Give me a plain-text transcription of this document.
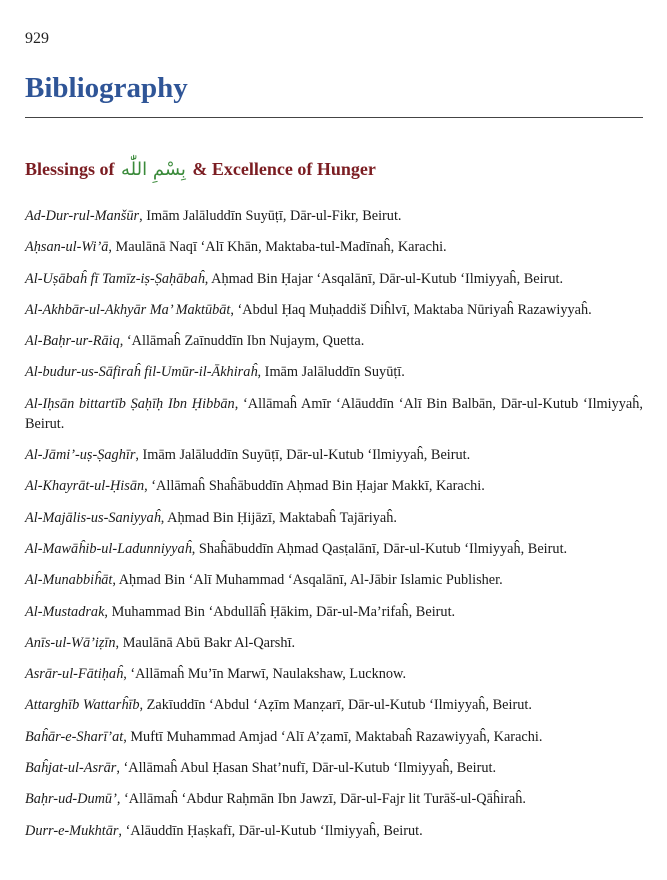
929
Bibliography
Blessings of بِسْمِ اللّٰه & Excellence of Hunger
Ad-Dur-rul-Manšūr, Imām Jalāluddīn Suyūṭī, Dār-ul-Fikr, Beirut.
Aḥsan-ul-Wi’ā, Maulānā Naqī ‘Alī Khān, Maktaba-tul-Madīnaĥ, Karachi.
Al-Uṣābaĥ fī Tamīz-iṣ-Ṣaḥābaĥ, Aḥmad Bin Ḥajar ‘Asqalānī, Dār-ul-Kutub ‘Ilmiyyaĥ, Beirut.
Al-Akhbār-ul-Akhyār Ma’ Maktūbāt, ‘Abdul Ḥaq Muḥaddiš Diĥlvī, Maktaba Nūriyaĥ Razawiyyaĥ.
Al-Baḥr-ur-Rāiq, ‘Allāmaĥ Zaīnuddīn Ibn Nujaym, Quetta.
Al-budur-us-Sāfiraĥ fil-Umūr-il-Ākhiraĥ, Imām Jalāluddīn Suyūṭī.
Al-Iḥsān bittartīb Ṣaḥīḥ Ibn Ḥibbān, ‘Allāmaĥ Amīr ‘Alāuddīn ‘Alī Bin Balbān, Dār-ul-Kutub ‘Ilmiyyaĥ, Beirut.
Al-Jāmi’-uṣ-Ṣaghīr, Imām Jalāluddīn Suyūṭī, Dār-ul-Kutub ‘Ilmiyyaĥ, Beirut.
Al-Khayrāt-ul-Ḥisān, ‘Allāmaĥ Shaĥābuddīn Aḥmad Bin Ḥajar Makkī, Karachi.
Al-Majālis-us-Saniyyaĥ, Aḥmad Bin Ḥijāzī, Maktabaĥ Tajāriyaĥ.
Al-Mawāĥib-ul-Ladunniyyaĥ, Shaĥābuddīn Aḥmad Qasṭalānī, Dār-ul-Kutub ‘Ilmiyyaĥ, Beirut.
Al-Munabbiĥāt, Aḥmad Bin ‘Alī Muhammad ‘Asqalānī, Al-Jābir Islamic Publisher.
Al-Mustadrak, Muhammad Bin ‘Abdullāĥ Ḥākim, Dār-ul-Ma’rifaĥ, Beirut.
Anīs-ul-Wā’iẓīn, Maulānā Abū Bakr Al-Qarshī.
Asrār-ul-Fātiḥaĥ, ‘Allāmaĥ Mu’īn Marwī, Naulakshaw, Lucknow.
Attarghīb Wattarĥīb, Zakīuddīn ‘Abdul ‘Aẓīm Manẓarī, Dār-ul-Kutub ‘Ilmiyyaĥ, Beirut.
Baĥār-e-Sharī’at, Muftī Muhammad Amjad ‘Alī A’ẓamī, Maktabaĥ Razawiyyaĥ, Karachi.
Baĥjat-ul-Asrār, ‘Allāmaĥ Abul Ḥasan Shat’nufī, Dār-ul-Kutub ‘Ilmiyyaĥ, Beirut.
Baḥr-ud-Dumū’, ‘Allāmaĥ ‘Abdur Raḥmān Ibn Jawzī, Dār-ul-Fajr lit Turāš-ul-Qāĥiraĥ.
Durr-e-Mukhtār, ‘Alāuddīn Ḥaṣkafī, Dār-ul-Kutub ‘Ilmiyyaĥ, Beirut.
